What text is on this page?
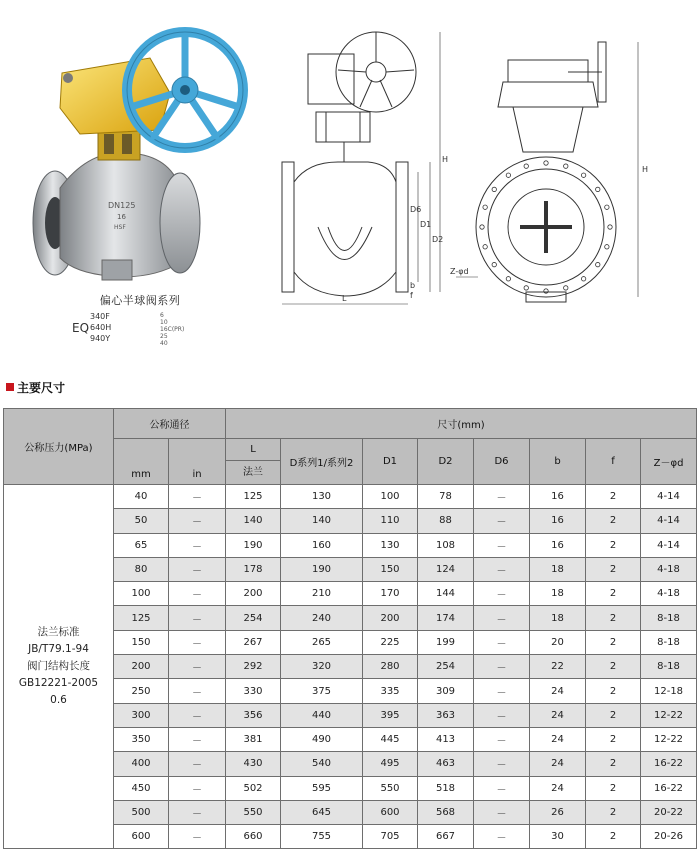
DN125
16
HSF
偏心半球阀系列
EQ
340F
640H
940Y
6
10
16C(PR)
25
40
L
D6
D1
D2
H
b
f
H
Z-φd
主要尺寸
公称压力(MPa)	公称通径		尺寸(mm)							
	mm	in	L
法兰	D系列1/系列2	D1	D2	D6	b	f	Z－φd

法兰标准
JB/T79.1-94
阀门结构长度
GB12221-2005
0.6	40	－	125	130	100	78	－	16	2	4-14
	50	－	140	140	110	88	－	16	2	4-14
	65	－	190	160	130	108	－	16	2	4-14
	80	－	178	190	150	124	－	18	2	4-18
	100	－	200	210	170	144	－	18	2	4-18
	125	－	254	240	200	174	－	18	2	8-18
	150	－	267	265	225	199	－	20	2	8-18
	200	－	292	320	280	254	－	22	2	8-18
	250	－	330	375	335	309	－	24	2	12-18
	300	－	356	440	395	363	－	24	2	12-22
	350	－	381	490	445	413	－	24	2	12-22
	400	－	430	540	495	463	－	24	2	16-22
	450	－	502	595	550	518	－	24	2	16-22
	500	－	550	645	600	568	－	26	2	20-22
	600	－	660	755	705	667	－	30	2	20-26
